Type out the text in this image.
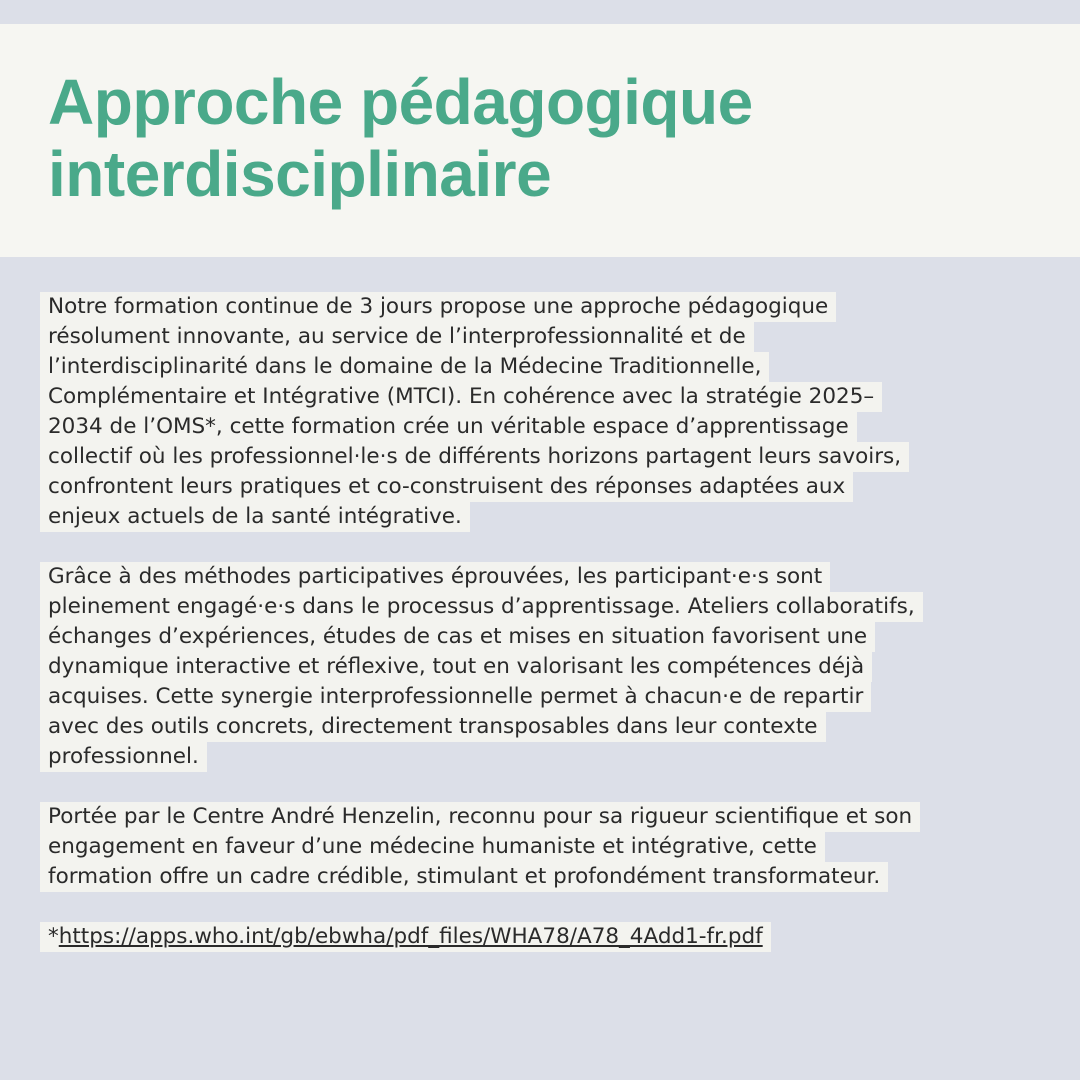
Approche pédagogique
interdisciplinaire
Notre formation continue de 3 jours propose une approche pédagogique
résolument innovante, au service de l’interprofessionnalité et de
l’interdisciplinarité dans le domaine de la Médecine Traditionnelle,
Complémentaire et Intégrative (MTCI). En cohérence avec la stratégie 2025–
2034 de l’OMS*, cette formation crée un véritable espace d’apprentissage
collectif où les professionnel·le·s de différents horizons partagent leurs savoirs,
confrontent leurs pratiques et co-construisent des réponses adaptées aux
enjeux actuels de la santé intégrative.
Grâce à des méthodes participatives éprouvées, les participant·e·s sont
pleinement engagé·e·s dans le processus d’apprentissage. Ateliers collaboratifs,
échanges d’expériences, études de cas et mises en situation favorisent une
dynamique interactive et réflexive, tout en valorisant les compétences déjà
acquises. Cette synergie interprofessionnelle permet à chacun·e de repartir
avec des outils concrets, directement transposables dans leur contexte
professionnel.
Portée par le Centre André Henzelin, reconnu pour sa rigueur scientifique et son
engagement en faveur d’une médecine humaniste et intégrative, cette
formation offre un cadre crédible, stimulant et profondément transformateur.
*https://apps.who.int/gb/ebwha/pdf_files/WHA78/A78_4Add1-fr.pdf
